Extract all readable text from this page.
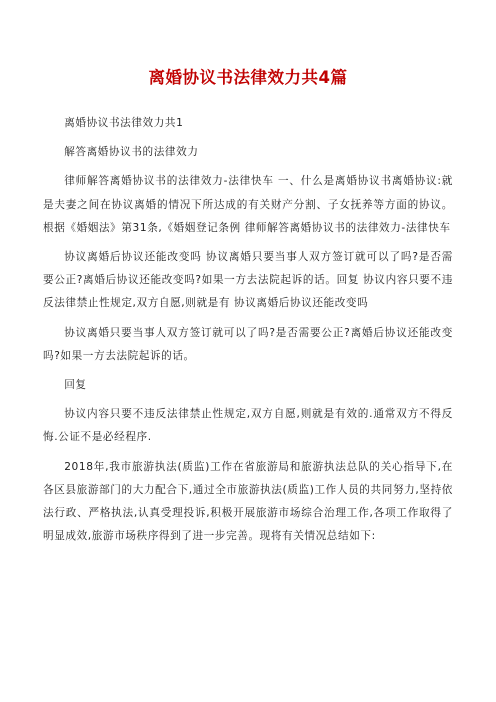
离婚协议书法律效力共4篇

离婚协议书法律效力共1

解答离婚协议书的法律效力

律师解答离婚协议书的法律效力-法律快车 一、什么是离婚协议书离婚协议:就是夫妻之间在协议离婚的情况下所达成的有关财产分割、子女抚养等方面的协议。根据《婚姻法》第31条,《婚姻登记条例 律师解答离婚协议书的法律效力-法律快车

协议离婚后协议还能改变吗 协议离婚只要当事人双方签订就可以了吗?是否需要公正?离婚后协议还能改变吗?如果一方去法院起诉的话。回复 协议内容只要不违反法律禁止性规定,双方自愿,则就是有 协议离婚后协议还能改变吗

协议离婚只要当事人双方签订就可以了吗?是否需要公正?离婚后协议还能改变吗?如果一方去法院起诉的话。

回复

协议内容只要不违反法律禁止性规定,双方自愿,则就是有效的.通常双方不得反悔.公证不是必经程序.

2018年,我市旅游执法(质监)工作在省旅游局和旅游执法总队的关心指导下,在各区县旅游部门的大力配合下,通过全市旅游执法(质监)工作人员的共同努力,坚持依法行政、严格执法,认真受理投诉,积极开展旅游市场综合治理工作,各项工作取得了明显成效,旅游市场秩序得到了进一步完善。现将有关情况总结如下:
